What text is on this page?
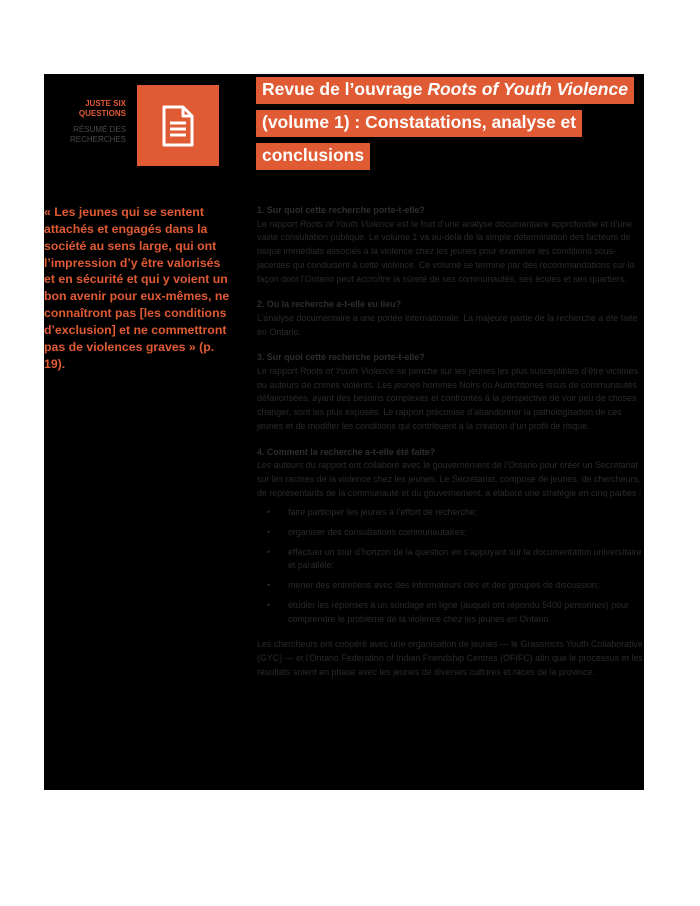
JUSTE SIX
QUESTIONS
RÉSUMÉ DES
RECHERCHES
Revue de l’ouvrage Roots of Youth Violence
(volume 1) : Constatations, analyse et
conclusions
« Les jeunes qui se sentent attachés et engagés dans la société au sens large, qui ont l’impression d’y être valorisés et en sécurité et qui y voient un bon avenir pour eux-mêmes, ne connaîtront pas [les conditions d’exclusion] et ne commettront pas de violences graves » (p. 19).
1. Sur quoi cette recherche porte-t-elle?

Le rapport Roots of Youth Violence est le fruit d’une analyse documentaire approfondie et d’une vaste consultation publique. Le volume 1 va au-delà de la simple détermination des facteurs de risque immédiats associés à la violence chez les jeunes pour examiner les conditions sous-jacentes qui conduisent à cette violence. Ce volume se termine par des recommandations sur la façon dont l’Ontario peut accroître la sûreté de ses communautés, ses écoles et ses quartiers.

2. Où la recherche a-t-elle eu lieu?

L’analyse documentaire a une portée internationale. La majeure partie de la recherche a été faite en Ontario.

3. Sur quoi cette recherche porte-t-elle?

Le rapport Roots of Youth Violence se penche sur les jeunes les plus susceptibles d’être victimes ou auteurs de crimes violents. Les jeunes hommes Noirs ou Autochtones issus de communautés défavorisées, ayant des besoins complexes et confrontés à la perspective de voir peu de choses changer, sont les plus exposés. Le rapport préconise d’abandonner la pathologisation de ces jeunes et de modifier les conditions qui contribuent à la création d’un profil de risque.

4. Comment la recherche a-t-elle été faite?

Les auteurs du rapport ont collaboré avec le gouvernement de l’Ontario pour créer un Secrétariat sur les racines de la violence chez les jeunes. Le Secrétariat, composé de jeunes, de chercheurs, de représentants de la communauté et du gouvernement, a élaboré une stratégie en cinq parties :

• faire participer les jeunes à l’effort de recherche;
• organiser des consultations communautaires;
• effectuer un tour d’horizon de la question en s’appuyant sur la documentation universitaire et parallèle;
• mener des entretiens avec des informateurs clés et des groupes de discussion;
• étudier les réponses à un sondage en ligne (auquel ont répondu 5400 personnes) pour comprendre le problème de la violence chez les jeunes en Ontario.

Les chercheurs ont coopéré avec une organisation de jeunes — le Grassroots Youth Collaborative (GYC) — et l’Ontario Federation of Indian Friendship Centres (OFIFC) afin que le processus et les résultats soient en phase avec les jeunes de diverses cultures et races de la province.
